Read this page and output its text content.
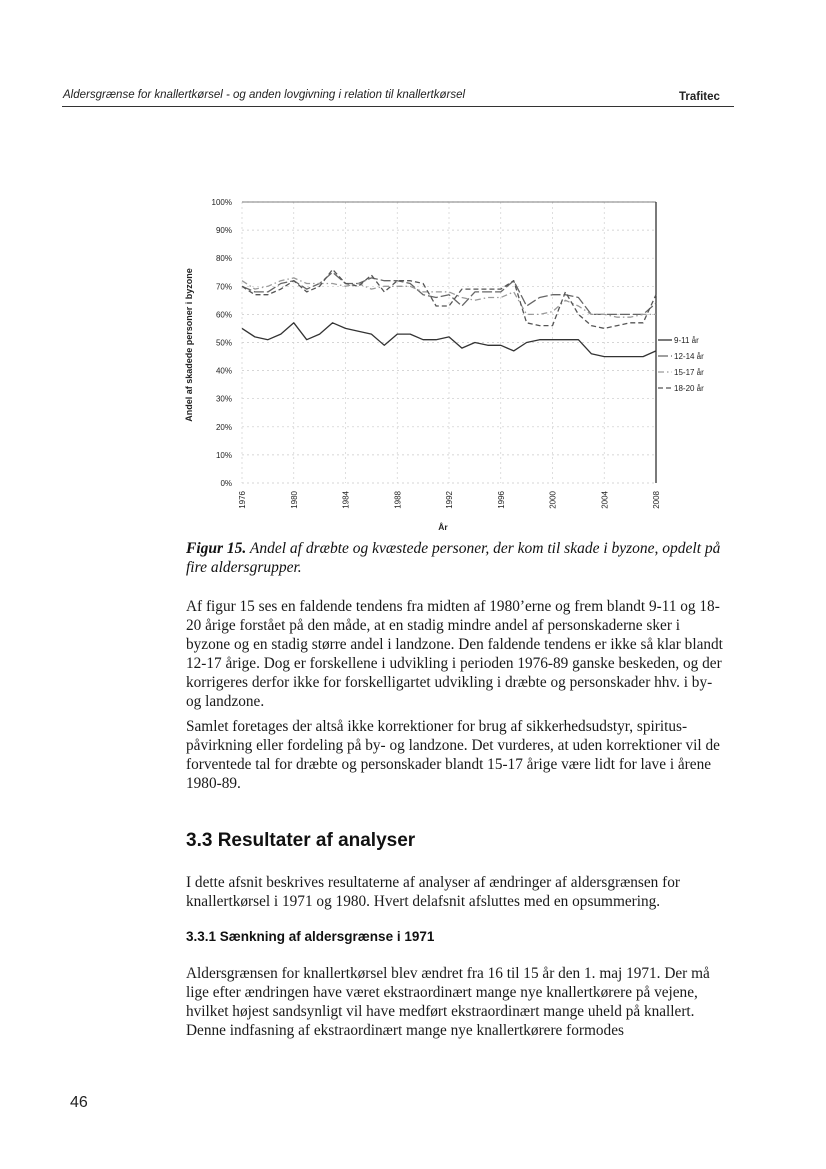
Aldersgrænse for knallertkørsel - og anden lovgivning i relation til knallertkørsel	Trafitec
100%
90%
80%
70%
60%
50%
40%
30%
20%
10%
0%
1976	1980	1984	1988	1992	1996	2000	2004	2008
9-11 år
12-14 år
15-17 år
18-20 år
Andel af skadede personer i byzone
År
Figur 15. Andel af dræbte og kvæstede personer, der kom til skade i byzone, opdelt på fire aldersgrupper.
Af figur 15 ses en faldende tendens fra midten af 1980’erne og frem blandt 9-11 og 18-20 årige forstået på den måde, at en stadig mindre andel af personskaderne sker i byzone og en stadig større andel i landzone. Den faldende tendens er ikke så klar blandt 12-17 årige. Dog er forskellene i udvikling i perioden 1976-89 ganske beskeden, og der korrigeres derfor ikke for forskelligartet udvikling i dræbte og personskader hhv. i by- og landzone.
Samlet foretages der altså ikke korrektioner for brug af sikkerhedsudstyr, spiritus-påvirkning eller fordeling på by- og landzone. Det vurderes, at uden korrektioner vil de forventede tal for dræbte og personskader blandt 15-17 årige være lidt for lave i årene 1980-89.
3.3 Resultater af analyser
I dette afsnit beskrives resultaterne af analyser af ændringer af aldersgrænsen for knallertkørsel i 1971 og 1980. Hvert delafsnit afsluttes med en opsummering.
3.3.1 Sænkning af aldersgrænse i 1971
Aldersgrænsen for knallertkørsel blev ændret fra 16 til 15 år den 1. maj 1971. Der må lige efter ændringen have været ekstraordinært mange nye knallertkørere på vejene, hvilket højest sandsynligt vil have medført ekstraordinært mange uheld på knallert. Denne indfasning af ekstraordinært mange nye knallertkørere formodes
46
